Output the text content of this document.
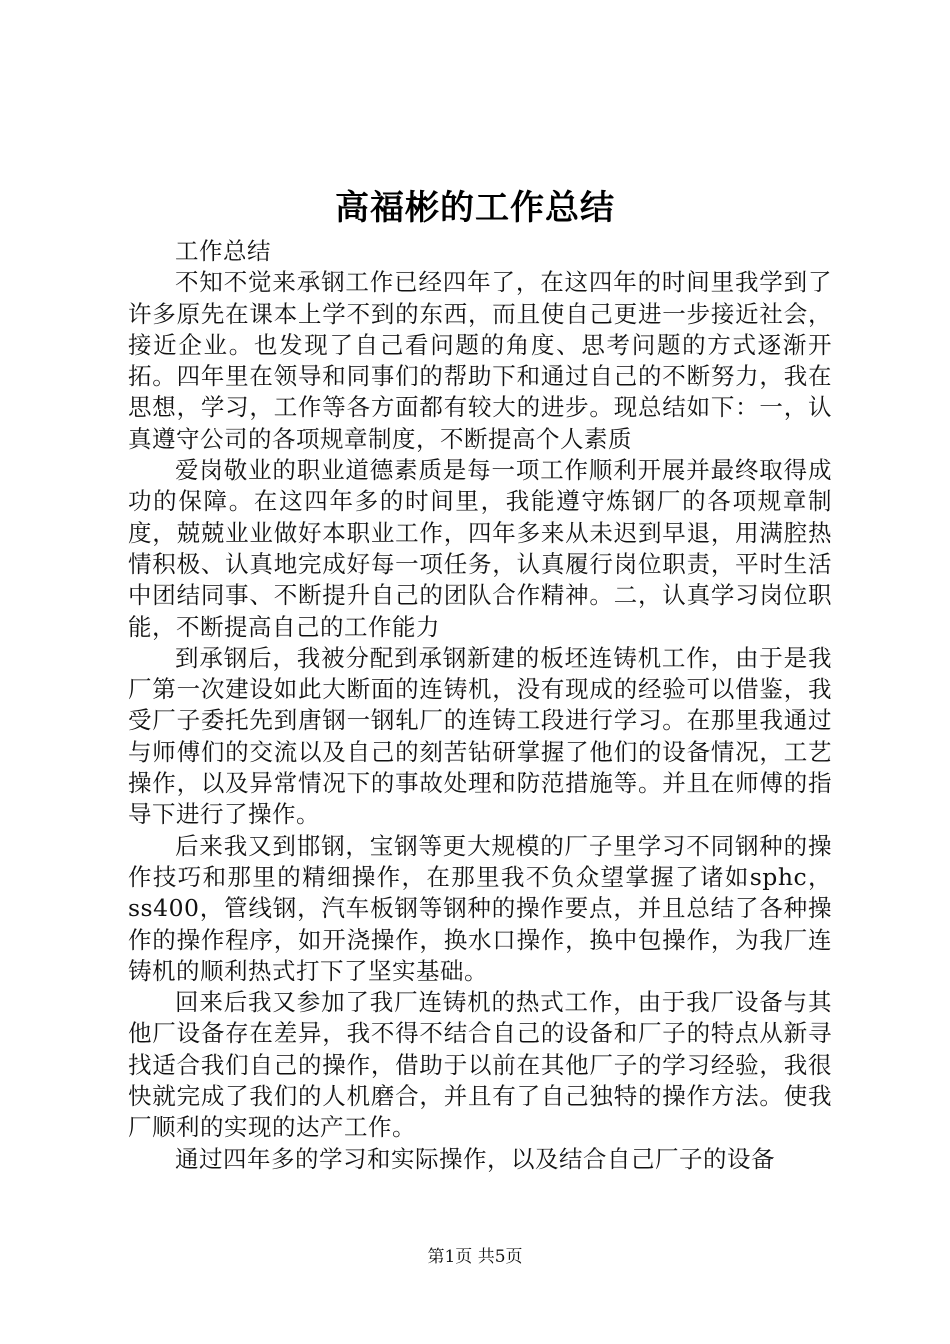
高福彬的工作总结

工作总结

不知不觉来承钢工作已经四年了，在这四年的时间里我学到了许多原先在课本上学不到的东西，而且使自己更进一步接近社会，接近企业。也发现了自己看问题的角度、思考问题的方式逐渐开拓。四年里在领导和同事们的帮助下和通过自己的不断努力，我在思想，学习，工作等各方面都有较大的进步。现总结如下：一，认真遵守公司的各项规章制度，不断提高个人素质

爱岗敬业的职业道德素质是每一项工作顺利开展并最终取得成功的保障。在这四年多的时间里，我能遵守炼钢厂的各项规章制度，兢兢业业做好本职业工作，四年多来从未迟到早退，用满腔热情积极、认真地完成好每一项任务，认真履行岗位职责，平时生活中团结同事、不断提升自己的团队合作精神。二，认真学习岗位职能，不断提高自己的工作能力

到承钢后，我被分配到承钢新建的板坯连铸机工作，由于是我厂第一次建设如此大断面的连铸机，没有现成的经验可以借鉴，我受厂子委托先到唐钢一钢轧厂的连铸工段进行学习。在那里我通过与师傅们的交流以及自己的刻苦钻研掌握了他们的设备情况，工艺操作，以及异常情况下的事故处理和防范措施等。并且在师傅的指导下进行了操作。

后来我又到邯钢，宝钢等更大规模的厂子里学习不同钢种的操作技巧和那里的精细操作，在那里我不负众望掌握了诸如sphc，ss400，管线钢，汽车板钢等钢种的操作要点，并且总结了各种操作的操作程序，如开浇操作，换水口操作，换中包操作，为我厂连铸机的顺利热式打下了坚实基础。

回来后我又参加了我厂连铸机的热式工作，由于我厂设备与其他厂设备存在差异，我不得不结合自己的设备和厂子的特点从新寻找适合我们自己的操作，借助于以前在其他厂子的学习经验，我很快就完成了我们的人机磨合，并且有了自己独特的操作方法。使我厂顺利的实现的达产工作。

通过四年多的学习和实际操作，以及结合自己厂子的设备

第1页 共5页
